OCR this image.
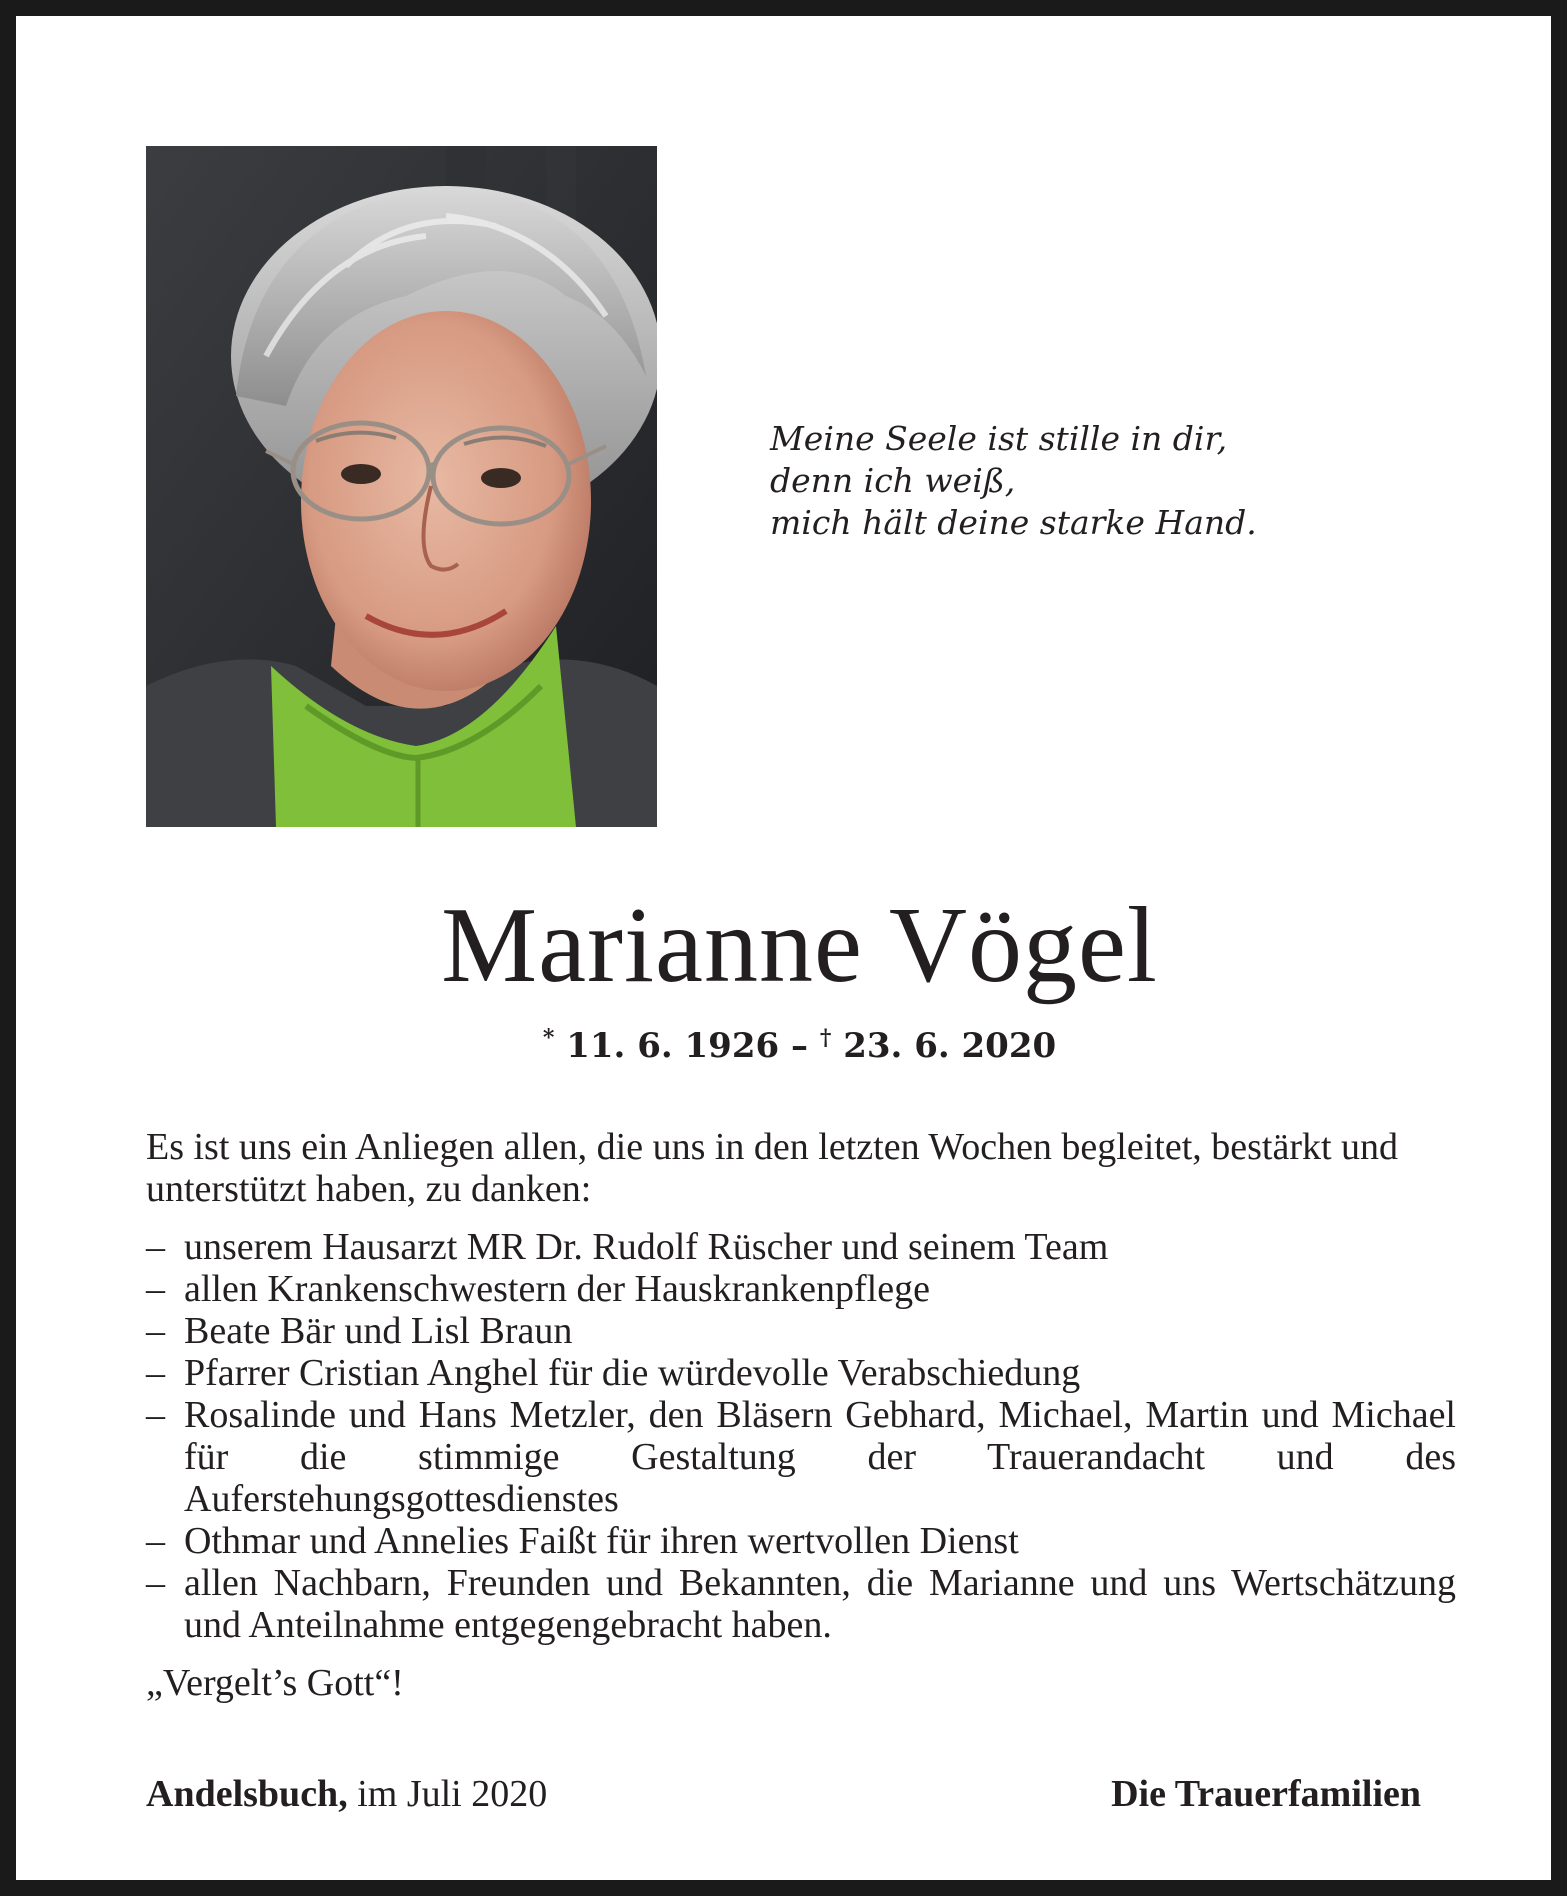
Meine Seele ist stille in dir,
denn ich weiß,
mich hält deine starke Hand.
Marianne Vögel
* 11. 6. 1926 – † 23. 6. 2020

Es ist uns ein Anliegen allen, die uns in den letzten Wochen begleitet, bestärkt und unterstützt haben, zu danken:

– unserem Hausarzt MR Dr. Rudolf Rüscher und seinem Team
– allen Krankenschwestern der Hauskrankenpflege
– Beate Bär und Lisl Braun
– Pfarrer Cristian Anghel für die würdevolle Verabschiedung
– Rosalinde und Hans Metzler, den Bläsern Gebhard, Michael, Martin und Michael für die stimmige Gestaltung der Trauerandacht und des Auferstehungsgottesdienstes
– Othmar und Annelies Faißt für ihren wertvollen Dienst
– allen Nachbarn, Freunden und Bekannten, die Marianne und uns Wertschätzung und Anteilnahme entgegengebracht haben.

„Vergelt’s Gott“!

Andelsbuch, im Juli 2020	Die Trauerfamilien
